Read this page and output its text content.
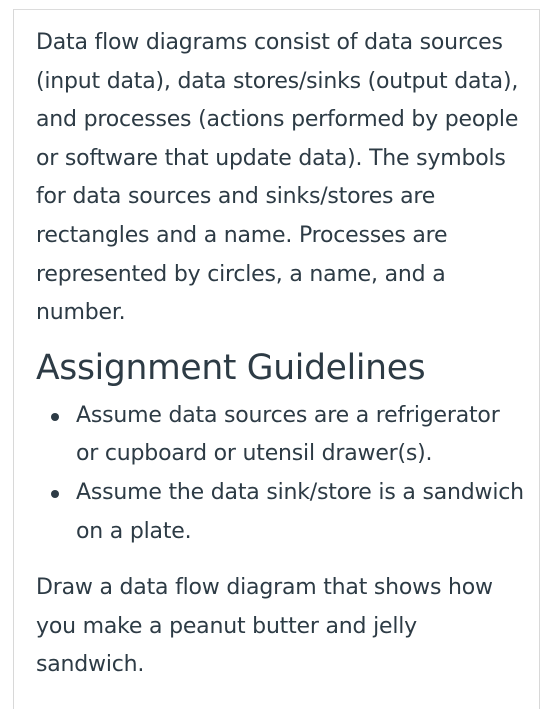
Data flow diagrams consist of data sources (input data), data stores/sinks (output data), and processes (actions performed by people or software that update data). The symbols for data sources and sinks/stores are rectangles and a name. Processes are represented by circles, a name, and a number.

Assignment Guidelines
Assume data sources are a refrigerator or cupboard or utensil drawer(s).
Assume the data sink/store is a sandwich on a plate.

Draw a data flow diagram that shows how you make a peanut butter and jelly sandwich.
